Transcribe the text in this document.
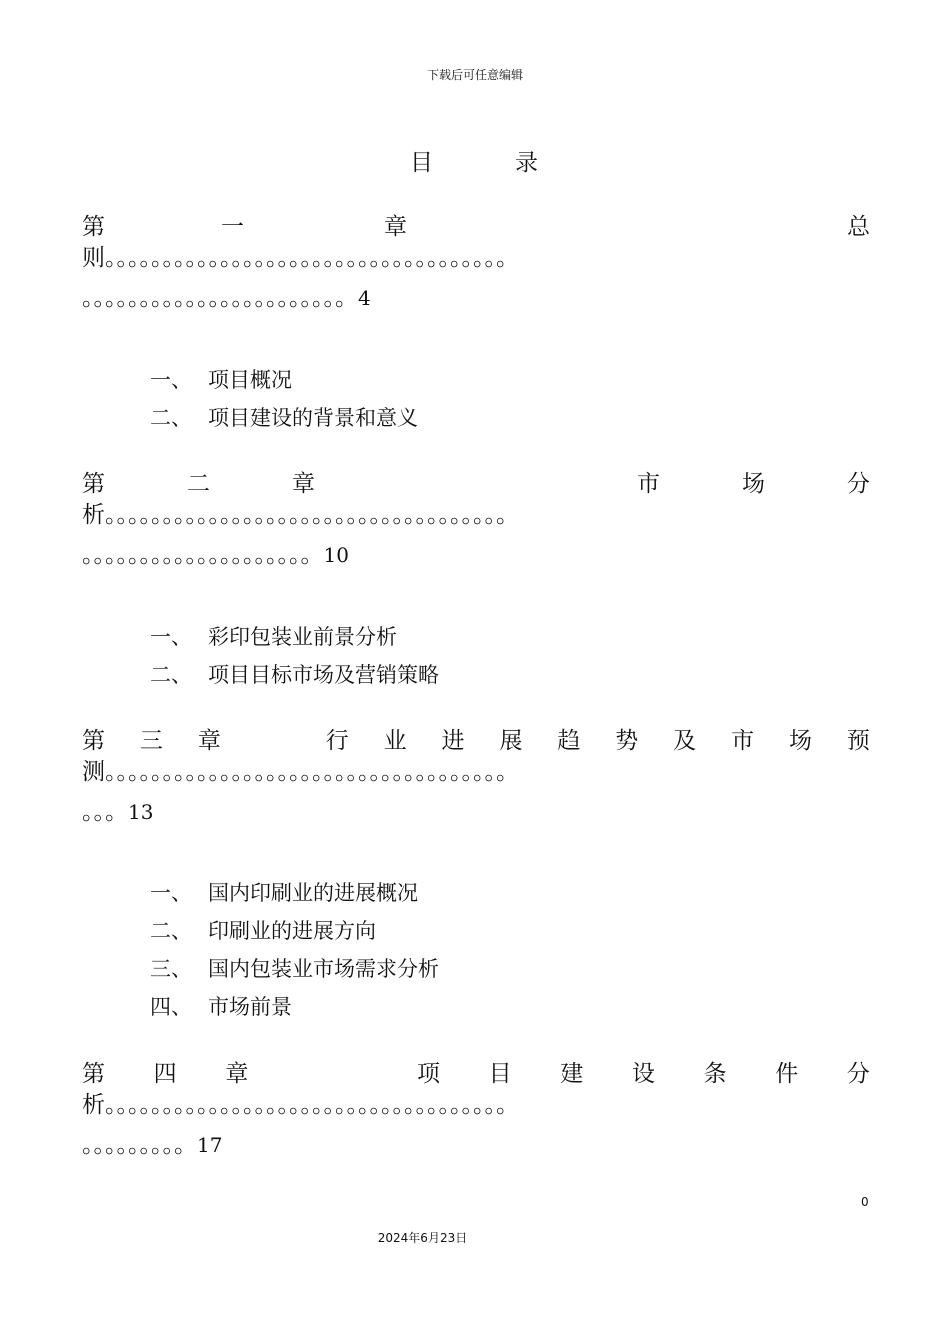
下载后可任意编辑
目	录
第	一	章	总
则。。。。。。。。。。。。。。。。。。。。。。。。。。。。。。。。。。。
。。。。。。。。。。。。。。。。。。。。。。。4
一、 项目概况
二、 项目建设的背景和意义
第	二	章	市	场	分
析。。。。。。。。。。。。。。。。。。。。。。。。。。。。。。。。。。。
。。。。。。。。。。。。。。。。。。。。10
一、 彩印包装业前景分析
二、 项目目标市场及营销策略
第 三 章	行 业 进 展 趋 势 及 市 场 预
测。。。。。。。。。。。。。。。。。。。。。。。。。。。。。。。。。。。
。。。13
一、 国内印刷业的进展概况
二、 印刷业的进展方向
三、 国内包装业市场需求分析
四、 市场前景
第 四 章	项 目 建 设 条 件 分
析。。。。。。。。。。。。。。。。。。。。。。。。。。。。。。。。。。。
。。。。。。。。。17
0
2024年6月23日
